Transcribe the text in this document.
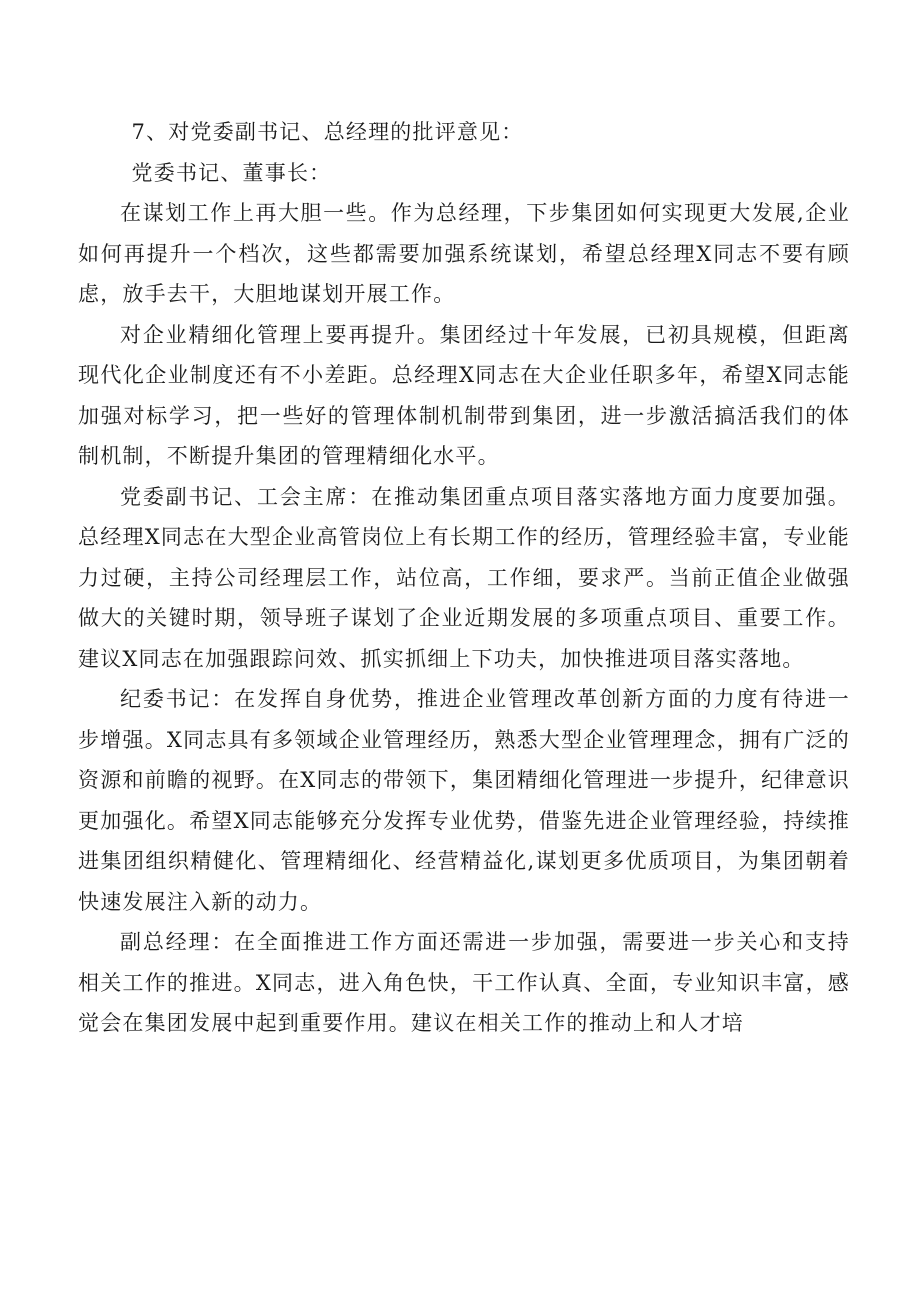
7、对党委副书记、总经理的批评意见：

党委书记、董事长：

在谋划工作上再大胆一些。作为总经理，下步集团如何实现更大发展,企业如何再提升一个档次，这些都需要加强系统谋划，希望总经理X同志不要有顾虑，放手去干，大胆地谋划开展工作。

对企业精细化管理上要再提升。集团经过十年发展，已初具规模，但距离现代化企业制度还有不小差距。总经理X同志在大企业任职多年，希望X同志能加强对标学习，把一些好的管理体制机制带到集团，进一步激活搞活我们的体制机制，不断提升集团的管理精细化水平。

党委副书记、工会主席：在推动集团重点项目落实落地方面力度要加强。总经理X同志在大型企业高管岗位上有长期工作的经历，管理经验丰富，专业能力过硬，主持公司经理层工作，站位高，工作细，要求严。当前正值企业做强做大的关键时期，领导班子谋划了企业近期发展的多项重点项目、重要工作。建议X同志在加强跟踪问效、抓实抓细上下功夫，加快推进项目落实落地。

纪委书记：在发挥自身优势，推进企业管理改革创新方面的力度有待进一步增强。X同志具有多领域企业管理经历，熟悉大型企业管理理念，拥有广泛的资源和前瞻的视野。在X同志的带领下，集团精细化管理进一步提升，纪律意识更加强化。希望X同志能够充分发挥专业优势，借鉴先进企业管理经验，持续推进集团组织精健化、管理精细化、经营精益化,谋划更多优质项目，为集团朝着快速发展注入新的动力。

副总经理：在全面推进工作方面还需进一步加强，需要进一步关心和支持相关工作的推进。X同志，进入角色快，干工作认真、全面，专业知识丰富，感觉会在集团发展中起到重要作用。建议在相关工作的推动上和人才培
